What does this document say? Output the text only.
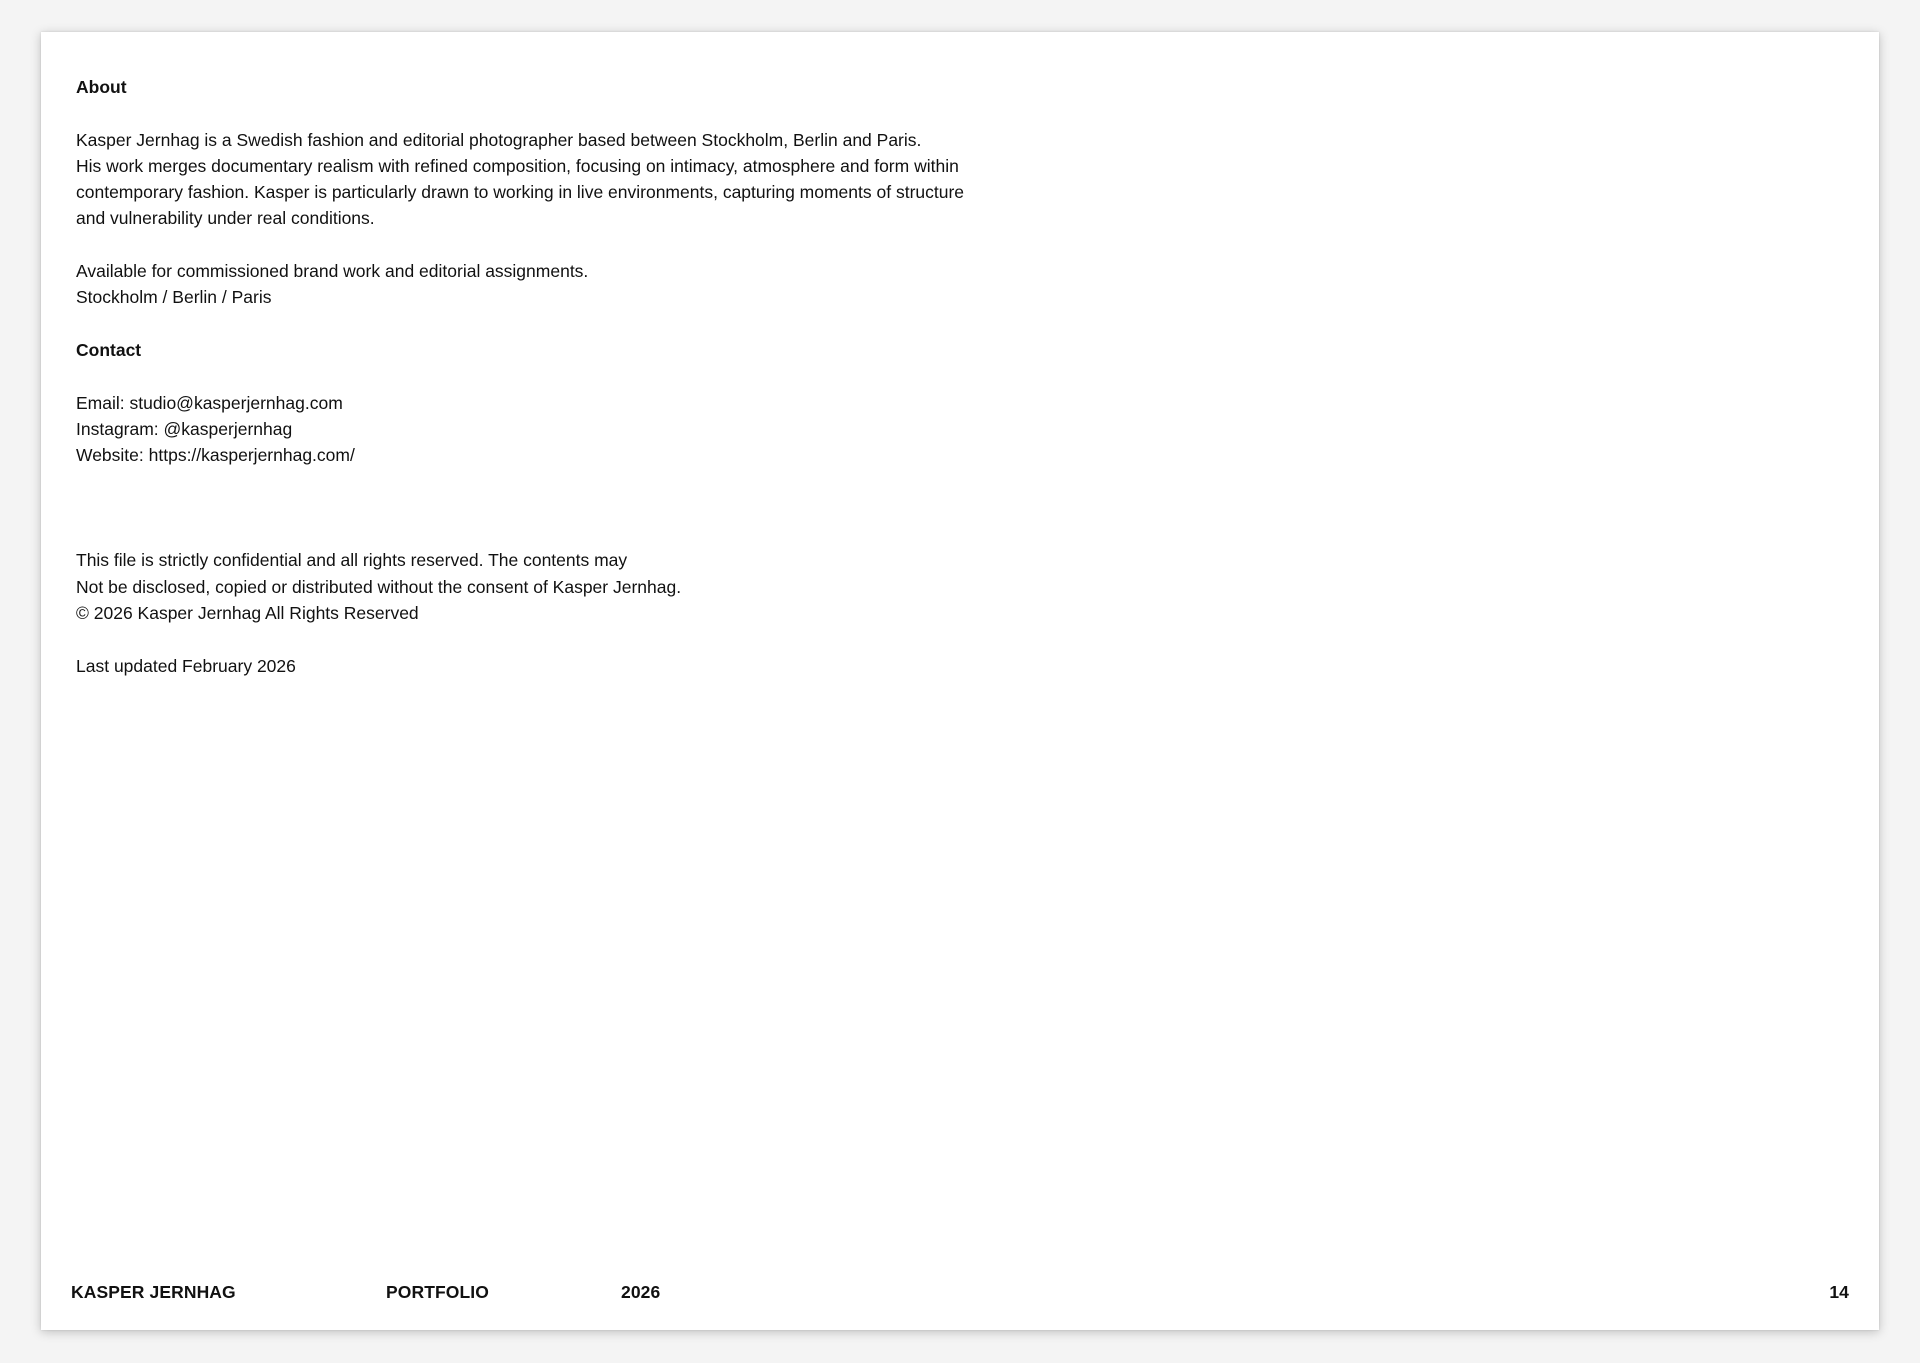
About

Kasper Jernhag is a Swedish fashion and editorial photographer based between Stockholm, Berlin and Paris.

His work merges documentary realism with refined composition, focusing on intimacy, atmosphere and form within

contemporary fashion. Kasper is particularly drawn to working in live environments, capturing moments of structure

and vulnerability under real conditions.

Available for commissioned brand work and editorial assignments.

Stockholm / Berlin / Paris

Contact

Email: studio@kasperjernhag.com

Instagram: @kasperjernhag

Website: https://kasperjernhag.com/

This file is strictly confidential and all rights reserved. The contents may

Not be disclosed, copied or distributed without the consent of Kasper Jernhag.

© 2026 Kasper Jernhag All Rights Reserved

Last updated February 2026

KASPER JERNHAG	PORTFOLIO	2026	14
